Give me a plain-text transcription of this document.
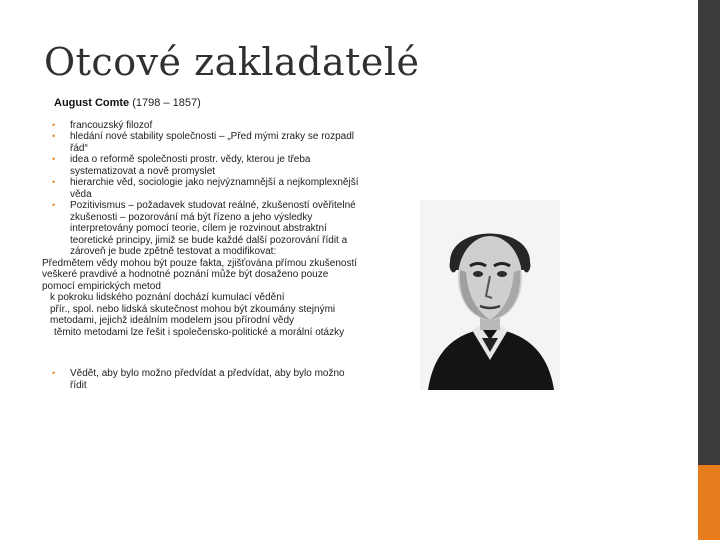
Otcové zakladatelé
August Comte (1798 – 1857)
• francouzský filozof
• hledání nové stability společnosti – „Před mými zraky se rozpadl řád“
• idea o reformě společnosti prostr. vědy, kterou je třeba systematizovat a nově promyslet
• hierarchie věd, sociologie jako nejvýznamnější a nejkomplexnější věda
• Pozitivismus – požadavek studovat reálné, zkušeností ověřitelné zkušenosti – pozorování má být řízeno a jeho výsledky interpretovány pomocí teorie, cílem je rozvinout abstraktní teoretické principy, jimiž se bude každé další pozorování řídit a zároveň je bude zpětně testovat a modifikovat:

Předmětem vědy mohou být pouze fakta, zjišťována přímou zkušeností

veškeré pravdivé a hodnotné poznání může být dosaženo pouze pomocí empirických metod

k pokroku lidského poznání dochází kumulací vědění

přír., spol. nebo lidská skutečnost mohou být zkoumány stejnými metodami, jejichž ideálním modelem jsou přírodní vědy

těmito metodami lze řešit i společensko-politické a morální otázky

• Vědět, aby bylo možno předvídat a předvídat, aby bylo možno řídit
